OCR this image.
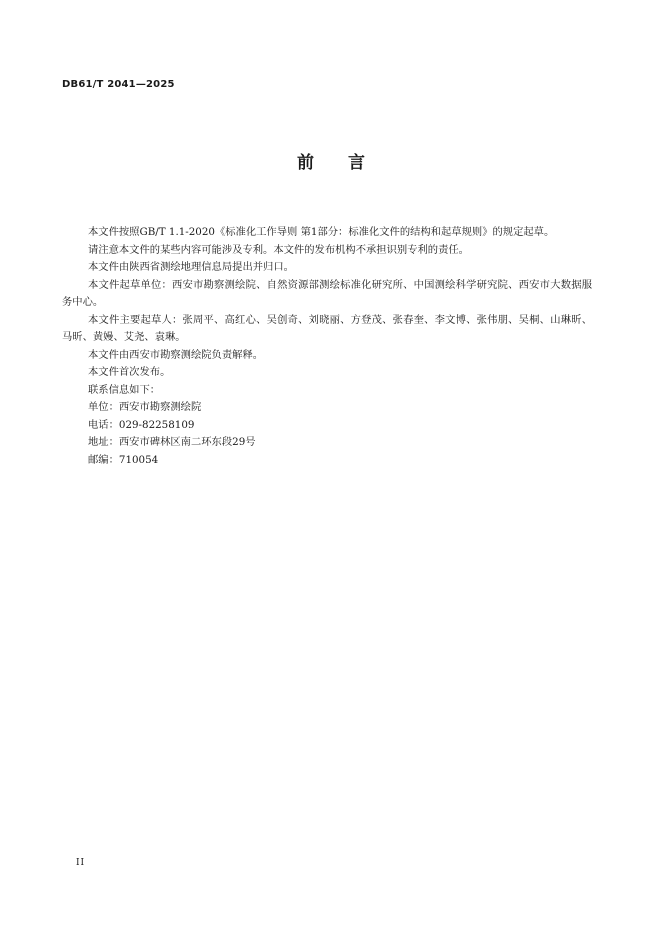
DB61/T 2041—2025
前言

本文件按照GB/T 1.1-2020《标准化工作导则 第1部分：标准化文件的结构和起草规则》的规定起草。

请注意本文件的某些内容可能涉及专利。本文件的发布机构不承担识别专利的责任。

本文件由陕西省测绘地理信息局提出并归口。

本文件起草单位：西安市勘察测绘院、自然资源部测绘标准化研究所、中国测绘科学研究院、西安市大数据服务中心。

本文件主要起草人：张周平、高红心、吴创奇、刘晓丽、方登茂、张春奎、李文博、张伟朋、吴桐、山琳昕、马昕、黄嫚、艾尧、袁琳。

本文件由西安市勘察测绘院负责解释。

本文件首次发布。

联系信息如下：

单位：西安市勘察测绘院

电话：029-82258109

地址：西安市碑林区南二环东段29号

邮编：710054

II
